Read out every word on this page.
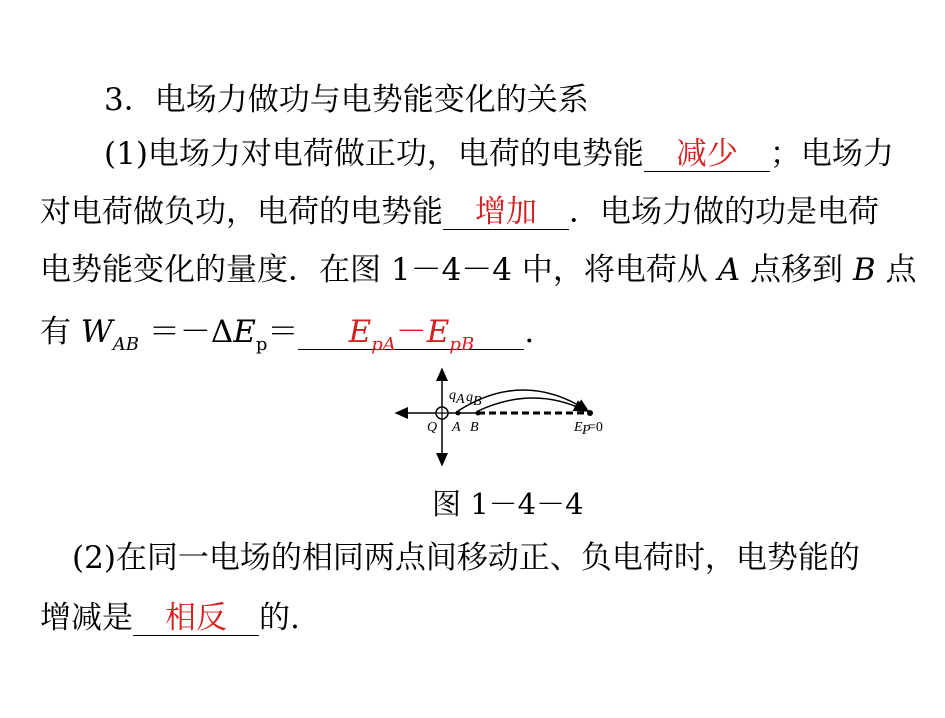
3．电场力做功与电势能变化的关系
(1)电场力对电荷做正功，电荷的电势能 减少 ；电场力
对电荷做负功，电荷的电势能 增加 ．电场力做的功是电荷
电势能变化的量度．在图 1－4－4 中，将电荷从 A 点移到 B 点
有 $W_{AB} =-\Delta E_p= E_{pA}-E_{pB}$ .
Q A B
q A q B
E P
=0
图 1－4－4
(2)在同一电场的相同两点间移动正、负电荷时，电势能的
增减是 相反 的.
